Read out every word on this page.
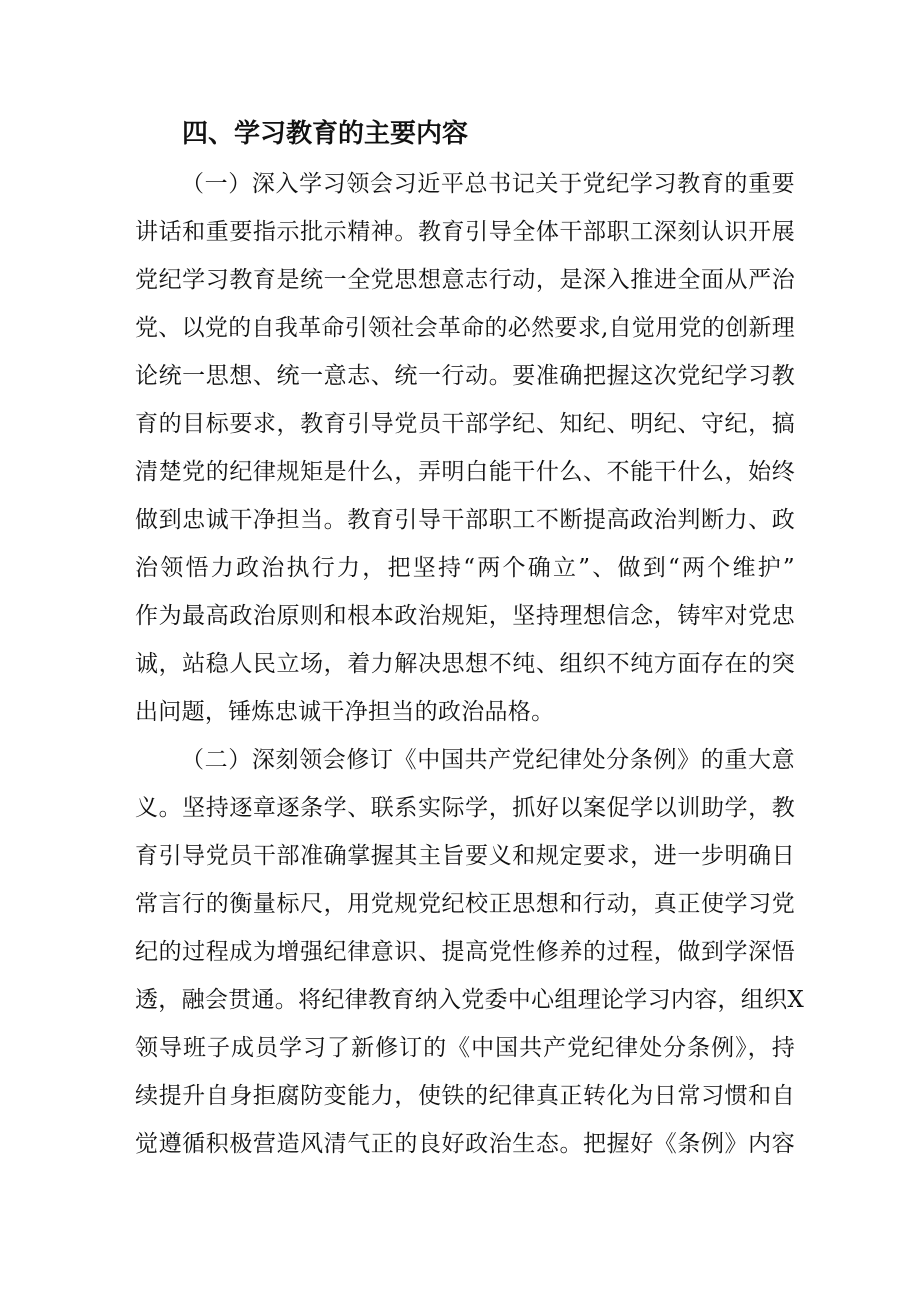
四、学习教育的主要内容
（一）深入学习领会习近平总书记关于党纪学习教育的重要
讲话和重要指示批示精神。教育引导全体干部职工深刻认识开展
党纪学习教育是统一全党思想意志行动，是深入推进全面从严治
党、以党的自我革命引领社会革命的必然要求,自觉用党的创新理
论统一思想、统一意志、统一行动。要准确把握这次党纪学习教
育的目标要求，教育引导党员干部学纪、知纪、明纪、守纪，搞
清楚党的纪律规矩是什么，弄明白能干什么、不能干什么，始终
做到忠诚干净担当。教育引导干部职工不断提高政治判断力、政
治领悟力政治执行力，把坚持“两个确立”、做到“两个维护”
作为最高政治原则和根本政治规矩，坚持理想信念，铸牢对党忠
诚，站稳人民立场，着力解决思想不纯、组织不纯方面存在的突
出问题，锤炼忠诚干净担当的政治品格。
（二）深刻领会修订《中国共产党纪律处分条例》的重大意
义。坚持逐章逐条学、联系实际学，抓好以案促学以训助学，教
育引导党员干部准确掌握其主旨要义和规定要求，进一步明确日
常言行的衡量标尺，用党规党纪校正思想和行动，真正使学习党
纪的过程成为增强纪律意识、提高党性修养的过程，做到学深悟
透，融会贯通。将纪律教育纳入党委中心组理论学习内容，组织X
领导班子成员学习了新修订的《中国共产党纪律处分条例》，持
续提升自身拒腐防变能力，使铁的纪律真正转化为日常习惯和自
觉遵循积极营造风清气正的良好政治生态。把握好《条例》内容
